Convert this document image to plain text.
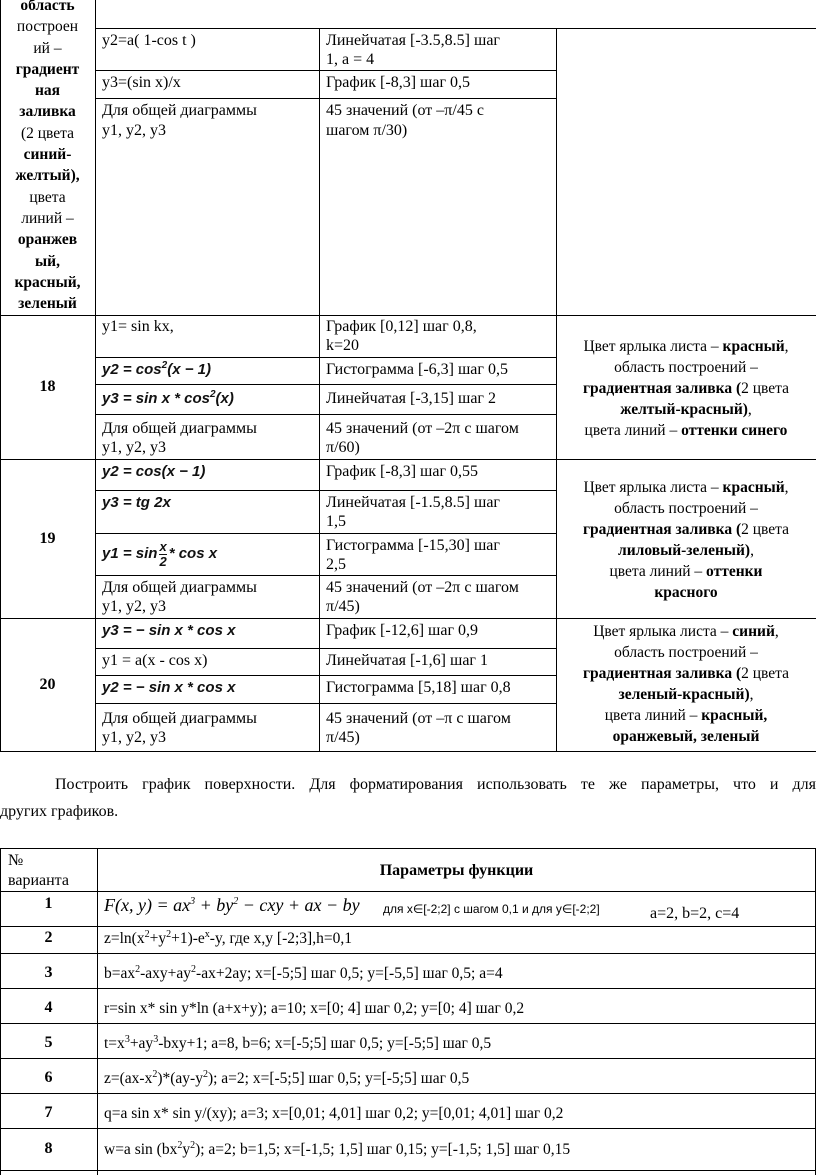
область
построен
ий –
градиент
ная
заливка
(2 цвета
синий-
желтый),
цвета
линий –
оранжев
ый,
красный,
зеленый
y2=a( 1-cos t )	Линейчатая [-3.5,8.5] шаг
1, а = 4
y3=(sin x)/x	График [-8,3] шаг 0,5
Для общей диаграммы
y1, y2, y3
45 значений (от –π/45 с
шагом π/30)
18
y1= sin kx,	График [0,12] шаг 0,8,
k=20
$y2 = \cos^2(x - 1)$	Гистограмма [-6,3] шаг 0,5
$y3 = \sin x * \cos^2(x)$	Линейчатая [-3,15] шаг 2
Для общей диаграммы
y1, y2, y3
45 значений (от –2π с шагом
π/60)
Цвет ярлыка листа – красный,
область построений –
градиентная заливка (2 цвета
желтый-красный),
цвета линий – оттенки синего
19
y2 = cos(x − 1)	График [-8,3] шаг 0,55
y3 = tg 2x	Линейчатая [-1.5,8.5] шаг
1,5
$y1 = \sin \frac{x}{2} * \cos x$	Гистограмма [-15,30] шаг
2,5
Для общей диаграммы
y1, y2, y3
45 значений (от –2π с шагом
π/45)
Цвет ярлыка листа – красный,
область построений –
градиентная заливка (2 цвета
лиловый-зеленый),
цвета линий – оттенки
красного
20
y3 = − sin x * cos x	График [-12,6] шаг 0,9
y1 = a(x - cos x)	Линейчатая [-1,6] шаг 1
y2 = − sin x * cos x	Гистограмма [5,18] шаг 0,8
Для общей диаграммы
y1, y2, y3
45 значений (от –π с шагом
π/45)
Цвет ярлыка листа – синий,
область построений –
градиентная заливка (2 цвета
зеленый-красный),
цвета линий – красный,
оранжевый, зеленый
Построить график поверхности. Для форматирования использовать те же параметры, что и для
других графиков.
№
варианта
Параметры функции
1	F(x, $y) = ax^3 + by^2$ − cxy + ax − by для x∈[-2;2] с шагом 0,1 и для y∈[-2;2]	a=2, b=2, c=4
2	$z=\ln(x^2+y^2+1)-e^x-y$, где x,y [-2;3],h=0,1
3	$b=ax^2-axy+ay^2-ax+2ay$; x=[-5;5] шаг 0,5; y=[-5,5] шаг 0,5; a=4
4	r=sin x* sin y*ln (a+x+y); a=10; x=[0; 4] шаг 0,2; y=[0; 4] шаг 0,2
5	$t=x^3+ay^3-bxy+1$; a=8, b=6; x=[-5;5] шаг 0,5; y=[-5;5] шаг 0,5
6	$z=(ax-x^2)*(ay-y^2)$; a=2; x=[-5;5] шаг 0,5; y=[-5;5] шаг 0,5
7	q=a sin x* sin y/(xy); a=3; x=[0,01; 4,01] шаг 0,2; y=[0,01; 4,01] шаг 0,2
8	w=a $\sin (bx^2y^2)$; a=2; b=1,5; x=[-1,5; 1,5] шаг 0,15; y=[-1,5; 1,5] шаг 0,15
